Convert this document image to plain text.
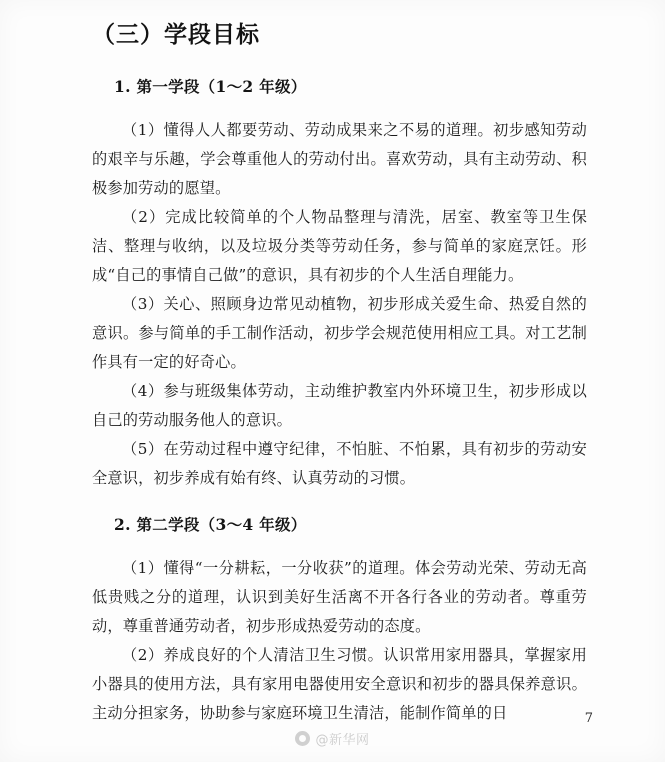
（三）学段目标
1. 第一学段（1～2 年级）

（1）懂得人人都要劳动、劳动成果来之不易的道理。初步感知劳动的艰辛与乐趣，学会尊重他人的劳动付出。喜欢劳动，具有主动劳动、积极参加劳动的愿望。

（2）完成比较简单的个人物品整理与清洗，居室、教室等卫生保洁、整理与收纳，以及垃圾分类等劳动任务，参与简单的家庭烹饪。形成“自己的事情自己做”的意识，具有初步的个人生活自理能力。

（3）关心、照顾身边常见动植物，初步形成关爱生命、热爱自然的意识。参与简单的手工制作活动，初步学会规范使用相应工具。对工艺制作具有一定的好奇心。

（4）参与班级集体劳动，主动维护教室内外环境卫生，初步形成以自己的劳动服务他人的意识。

（5）在劳动过程中遵守纪律，不怕脏、不怕累，具有初步的劳动安全意识，初步养成有始有终、认真劳动的习惯。

2. 第二学段（3～4 年级）

（1）懂得“一分耕耘，一分收获”的道理。体会劳动光荣、劳动无高低贵贱之分的道理，认识到美好生活离不开各行各业的劳动者。尊重劳动，尊重普通劳动者，初步形成热爱劳动的态度。

（2）养成良好的个人清洁卫生习惯。认识常用家用器具，掌握家用小器具的使用方法，具有家用电器使用安全意识和初步的器具保养意识。主动分担家务，协助参与家庭环境卫生清洁，能制作简单的日	7
@新华网
